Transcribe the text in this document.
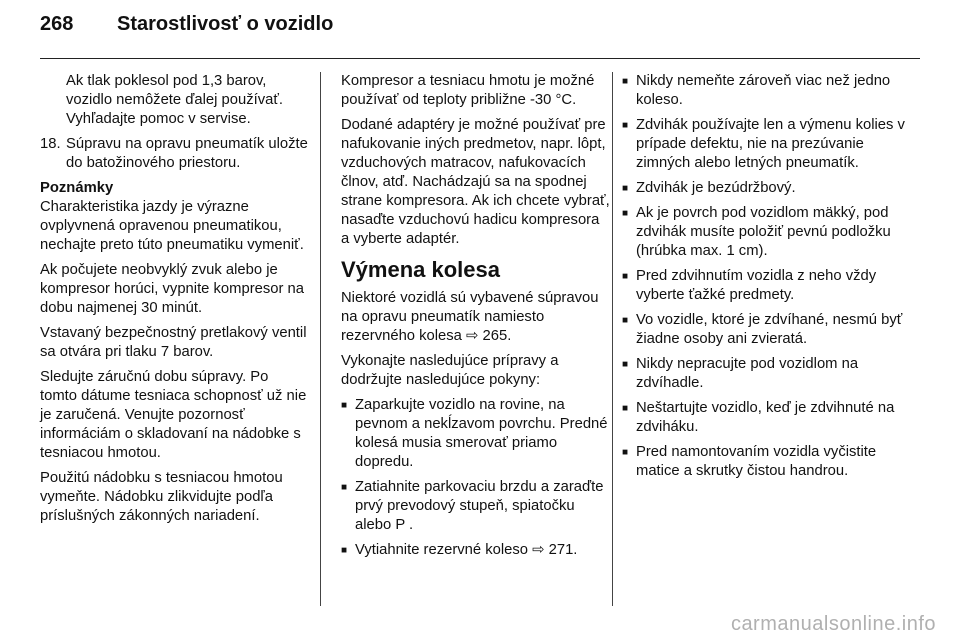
268 Starostlivosť o vozidlo

Ak tlak poklesol pod 1,3 barov, vozidlo nemôžete ďalej používať. Vyhľadajte pomoc v servise.

18. Súpravu na opravu pneumatík uložte do batožinového priestoru.
Poznámky

Charakteristika jazdy je výrazne ovplyvnená opravenou pneumatikou, nechajte preto túto pneumatiku vymeniť.

Ak počujete neobvyklý zvuk alebo je kompresor horúci, vypnite kompresor na dobu najmenej 30 minút.

Vstavaný bezpečnostný pretlakový ventil sa otvára pri tlaku 7 barov.

Sledujte záručnú dobu súpravy. Po tomto dátume tesniaca schopnosť už nie je zaručená. Venujte pozornosť informáciám o skladovaní na nádobke s tesniacou hmotou.

Použitú nádobku s tesniacou hmotou vymeňte. Nádobku zlikvidujte podľa príslušných zákonných nariadení.

Kompresor a tesniacu hmotu je možné používať od teploty približne -30 °C.

Dodané adaptéry je možné používať pre nafukovanie iných predmetov, napr. lôpt, vzduchových matracov, nafukovacích člnov, atď. Nachádzajú sa na spodnej strane kompresora. Ak ich chcete vybrať, nasaďte vzduchovú hadicu kompresora a vyberte adaptér.

Výmena kolesa

Niektoré vozidlá sú vybavené súpravou na opravu pneumatík namiesto rezervného kolesa ⇨ 265.

Vykonajte nasledujúce prípravy a dodržujte nasledujúce pokyny:

■ Zaparkujte vozidlo na rovine, na pevnom a nekĺzavom povrchu. Predné kolesá musia smerovať priamo dopredu.
■ Zatiahnite parkovaciu brzdu a zaraďte prvý prevodový stupeň, spiatočku alebo P .
■ Vytiahnite rezervné koleso ⇨ 271.
■ Nikdy nemeňte zároveň viac než jedno koleso.
■ Zdvihák používajte len a výmenu kolies v prípade defektu, nie na prezúvanie zimných alebo letných pneumatík.
■ Zdvihák je bezúdržbový.
■ Ak je povrch pod vozidlom mäkký, pod zdvihák musíte položiť pevnú podložku (hrúbka max. 1 cm).
■ Pred zdvihnutím vozidla z neho vždy vyberte ťažké predmety.
■ Vo vozidle, ktoré je zdvíhané, nesmú byť žiadne osoby ani zvieratá.
■ Nikdy nepracujte pod vozidlom na zdvíhadle.
■ Neštartujte vozidlo, keď je zdvihnuté na zdviháku.
■ Pred namontovaním vozidla vyčistite matice a skrutky čistou handrou.
carmanualsonline.info
